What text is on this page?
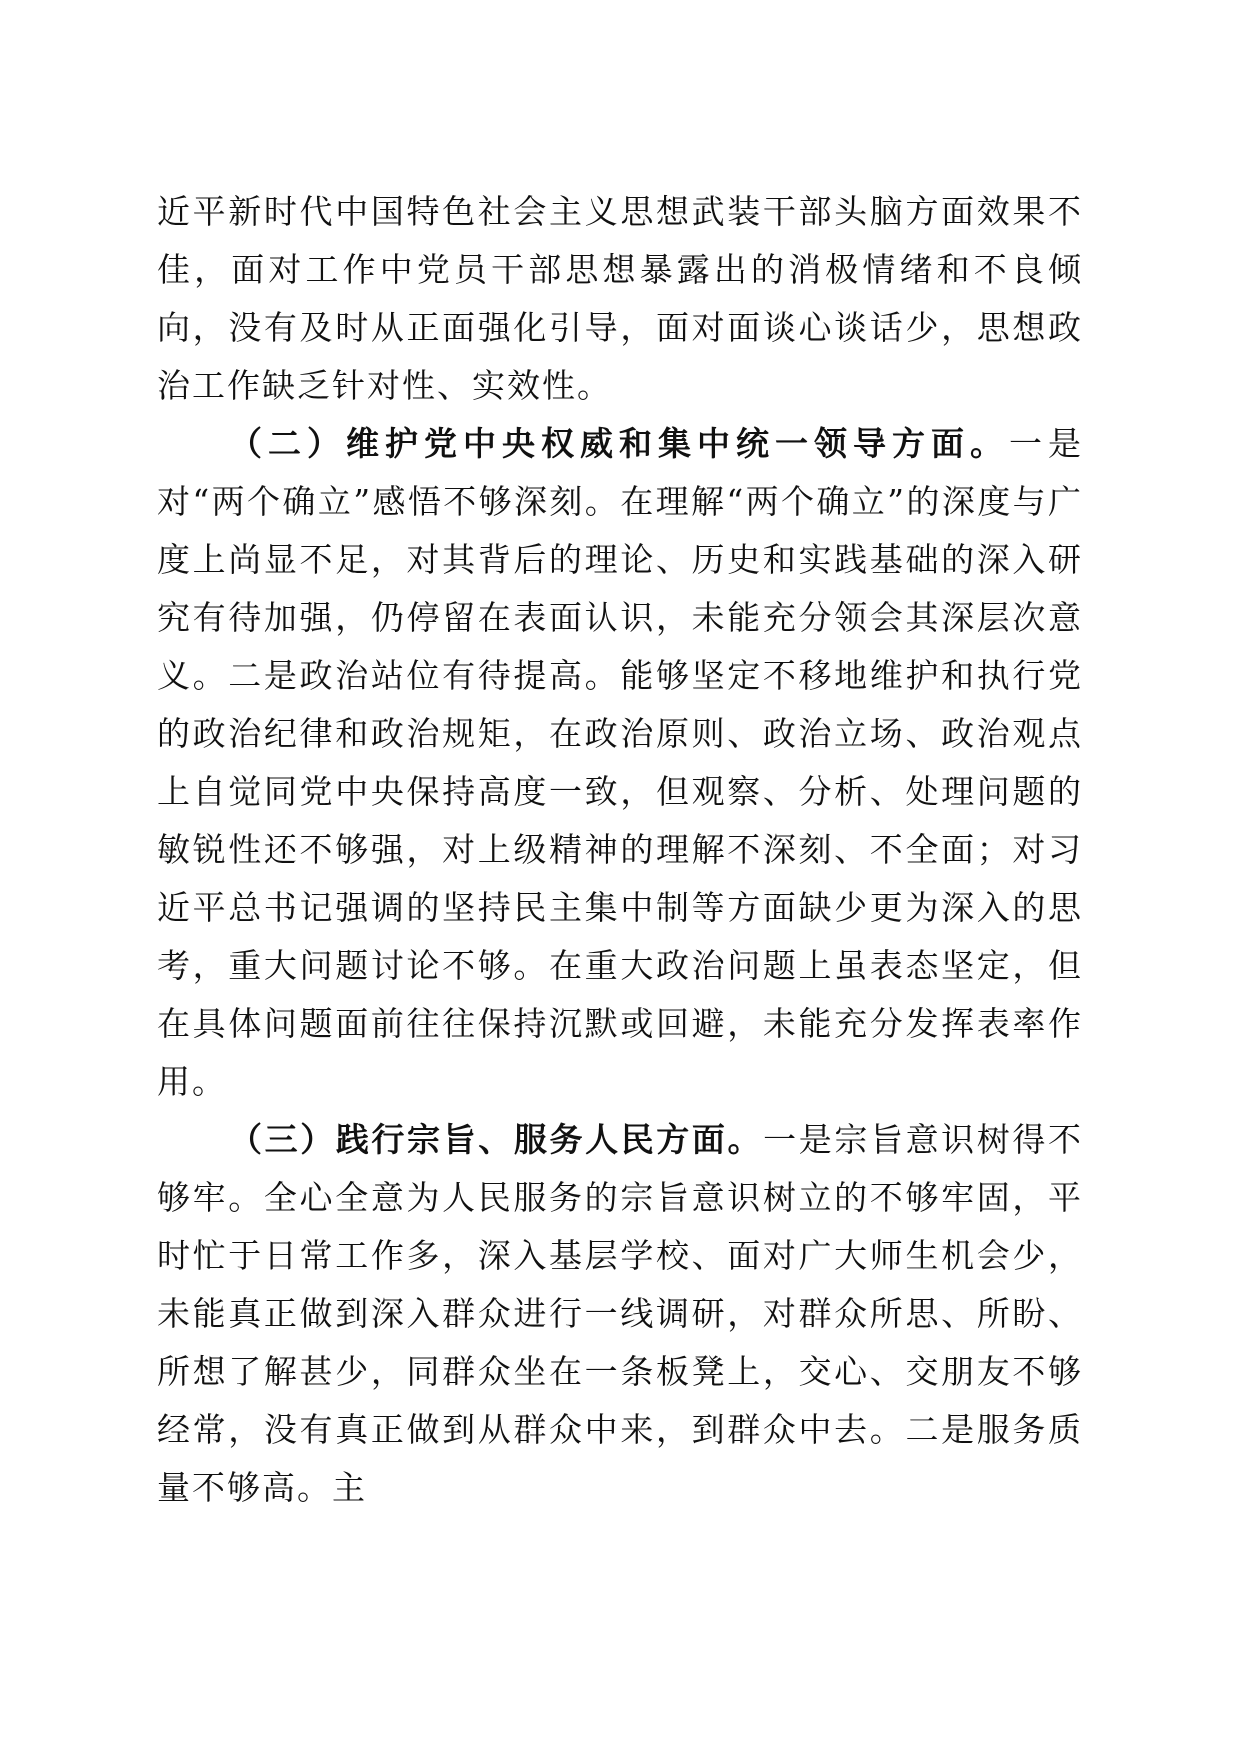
近平新时代中国特色社会主义思想武装干部头脑方面效果不佳，面对工作中党员干部思想暴露出的消极情绪和不良倾向，没有及时从正面强化引导，面对面谈心谈话少，思想政治工作缺乏针对性、实效性。

（二）维护党中央权威和集中统一领导方面。一是对“两个确立”感悟不够深刻。在理解“两个确立”的深度与广度上尚显不足，对其背后的理论、历史和实践基础的深入研究有待加强，仍停留在表面认识，未能充分领会其深层次意义。二是政治站位有待提高。能够坚定不移地维护和执行党的政治纪律和政治规矩，在政治原则、政治立场、政治观点上自觉同党中央保持高度一致，但观察、分析、处理问题的敏锐性还不够强，对上级精神的理解不深刻、不全面；对习近平总书记强调的坚持民主集中制等方面缺少更为深入的思考，重大问题讨论不够。在重大政治问题上虽表态坚定，但在具体问题面前往往保持沉默或回避，未能充分发挥表率作用。

（三）践行宗旨、服务人民方面。一是宗旨意识树得不够牢。全心全意为人民服务的宗旨意识树立的不够牢固，平时忙于日常工作多，深入基层学校、面对广大师生机会少，未能真正做到深入群众进行一线调研，对群众所思、所盼、所想了解甚少，同群众坐在一条板凳上，交心、交朋友不够经常，没有真正做到从群众中来，到群众中去。二是服务质量不够高。主
